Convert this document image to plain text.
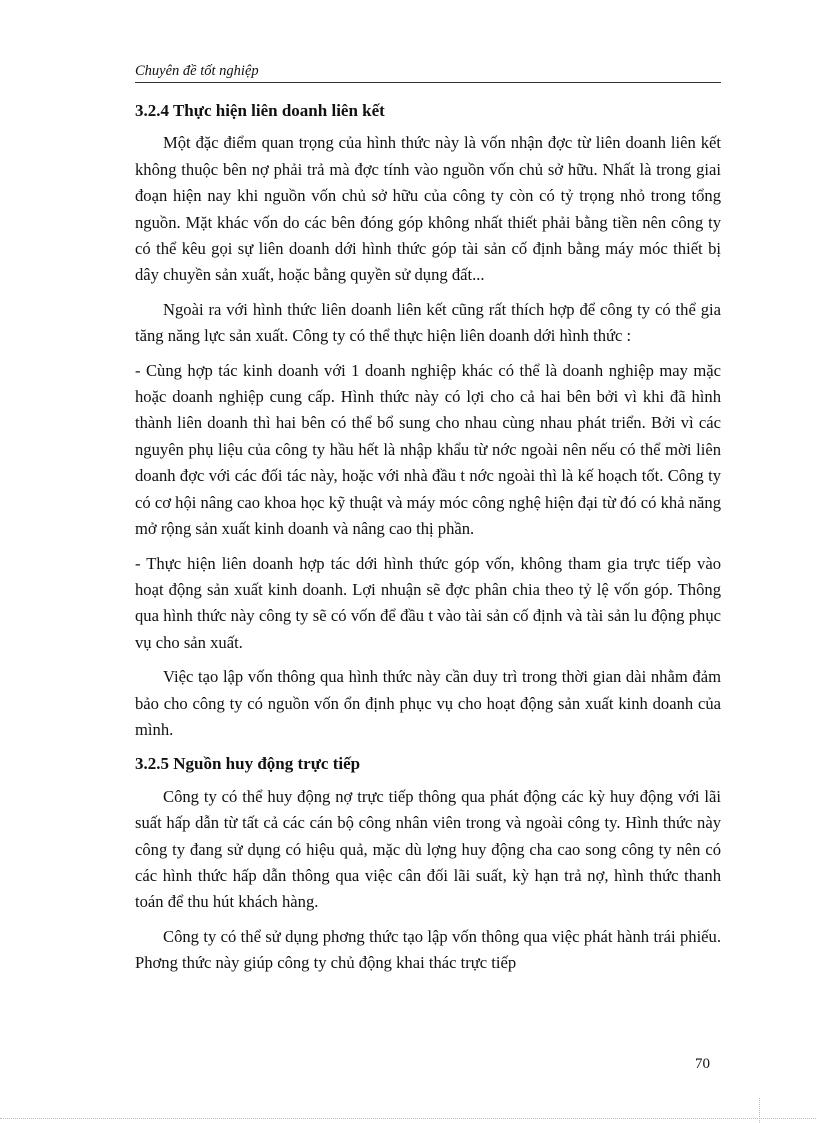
Chuyên đề tốt nghiệp
3.2.4 Thực hiện liên doanh liên kết

Một đặc điểm quan trọng của hình thức này là vốn nhận đợc từ liên doanh liên kết không thuộc bên nợ phải trả mà đợc tính vào nguồn vốn chủ sở hữu. Nhất là trong giai đoạn hiện nay khi nguồn vốn chủ sở hữu của công ty còn có tỷ trọng nhỏ trong tổng nguồn. Mặt khác vốn do các bên đóng góp không nhất thiết phải bằng tiền nên công ty có thể kêu gọi sự liên doanh dới hình thức góp tài sản cố định bằng máy móc thiết bị dây chuyền sản xuất, hoặc bằng quyền sử dụng đất...

Ngoài ra với hình thức liên doanh liên kết cũng rất thích hợp để công ty có thể gia tăng năng lực sản xuất. Công ty có thể thực hiện liên doanh dới hình thức :

- Cùng hợp tác kinh doanh với 1 doanh nghiệp khác có thể là doanh nghiệp may mặc hoặc doanh nghiệp cung cấp. Hình thức này có lợi cho cả hai bên bởi vì khi đã hình thành liên doanh thì hai bên có thể bổ sung cho nhau cùng nhau phát triển. Bởi vì các nguyên phụ liệu của công ty hầu hết là nhập khẩu từ nớc ngoài nên nếu có thể mời liên doanh đợc với các đối tác này, hoặc với nhà đầu t nớc ngoài thì là kế hoạch tốt. Công ty có cơ hội nâng cao khoa học kỹ thuật và máy móc công nghệ hiện đại từ đó có khả năng mở rộng sản xuất kinh doanh và nâng cao thị phần.

- Thực hiện liên doanh hợp tác dới hình thức góp vốn, không tham gia trực tiếp vào hoạt động sản xuất kinh doanh. Lợi nhuận sẽ đợc phân chia theo tỷ lệ vốn góp. Thông qua hình thức này công ty sẽ có vốn để đầu t vào tài sản cố định và tài sản lu động phục vụ cho sản xuất.

Việc tạo lập vốn thông qua hình thức này cần duy trì trong thời gian dài nhằm đảm bảo cho công ty có nguồn vốn ổn định phục vụ cho hoạt động sản xuất kinh doanh của mình.

3.2.5 Nguồn huy động trực tiếp

Công ty có thể huy động nợ trực tiếp thông qua phát động các kỳ huy động với lãi suất hấp dẫn từ tất cả các cán bộ công nhân viên trong và ngoài công ty. Hình thức này công ty đang sử dụng có hiệu quả, mặc dù lợng huy động cha cao song công ty nên có các hình thức hấp dẫn thông qua việc cân đối lãi suất, kỳ hạn trả nợ, hình thức thanh toán để thu hút khách hàng.

Công ty có thể sử dụng phơng thức tạo lập vốn thông qua việc phát hành trái phiếu. Phơng thức này giúp công ty chủ động khai thác trực tiếp

70
